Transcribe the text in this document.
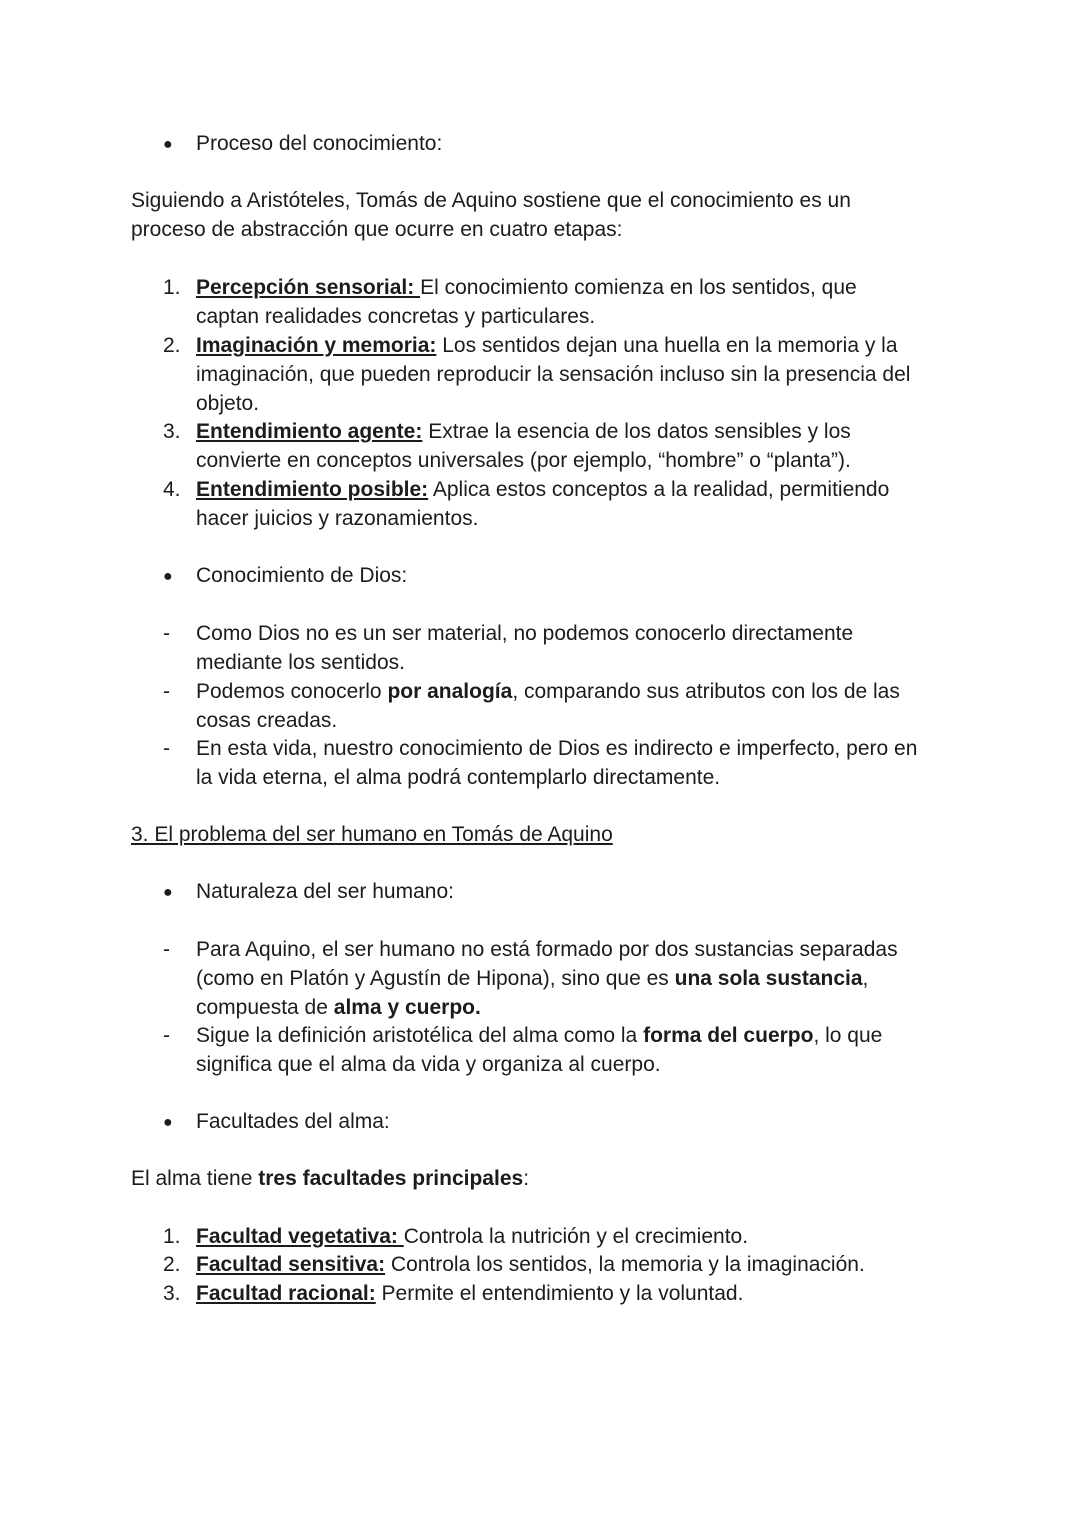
● Proceso del conocimiento:
Siguiendo a Aristóteles, Tomás de Aquino sostiene que el conocimiento es un
proceso de abstracción que ocurre en cuatro etapas:
1. Percepción sensorial: El conocimiento comienza en los sentidos, que
captan realidades concretas y particulares.
2. Imaginación y memoria: Los sentidos dejan una huella en la memoria y la
imaginación, que pueden reproducir la sensación incluso sin la presencia del
objeto.
3. Entendimiento agente: Extrae la esencia de los datos sensibles y los
convierte en conceptos universales (por ejemplo, “hombre” o “planta”).
4. Entendimiento posible: Aplica estos conceptos a la realidad, permitiendo
hacer juicios y razonamientos.
● Conocimiento de Dios:
- Como Dios no es un ser material, no podemos conocerlo directamente
mediante los sentidos.
- Podemos conocerlo por analogía, comparando sus atributos con los de las
cosas creadas.
- En esta vida, nuestro conocimiento de Dios es indirecto e imperfecto, pero en
la vida eterna, el alma podrá contemplarlo directamente.
3. El problema del ser humano en Tomás de Aquino
● Naturaleza del ser humano:
- Para Aquino, el ser humano no está formado por dos sustancias separadas
(como en Platón y Agustín de Hipona), sino que es una sola sustancia,
compuesta de alma y cuerpo.
- Sigue la definición aristotélica del alma como la forma del cuerpo, lo que
significa que el alma da vida y organiza al cuerpo.
● Facultades del alma:
El alma tiene tres facultades principales:
1. Facultad vegetativa: Controla la nutrición y el crecimiento.
2. Facultad sensitiva: Controla los sentidos, la memoria y la imaginación.
3. Facultad racional: Permite el entendimiento y la voluntad.
